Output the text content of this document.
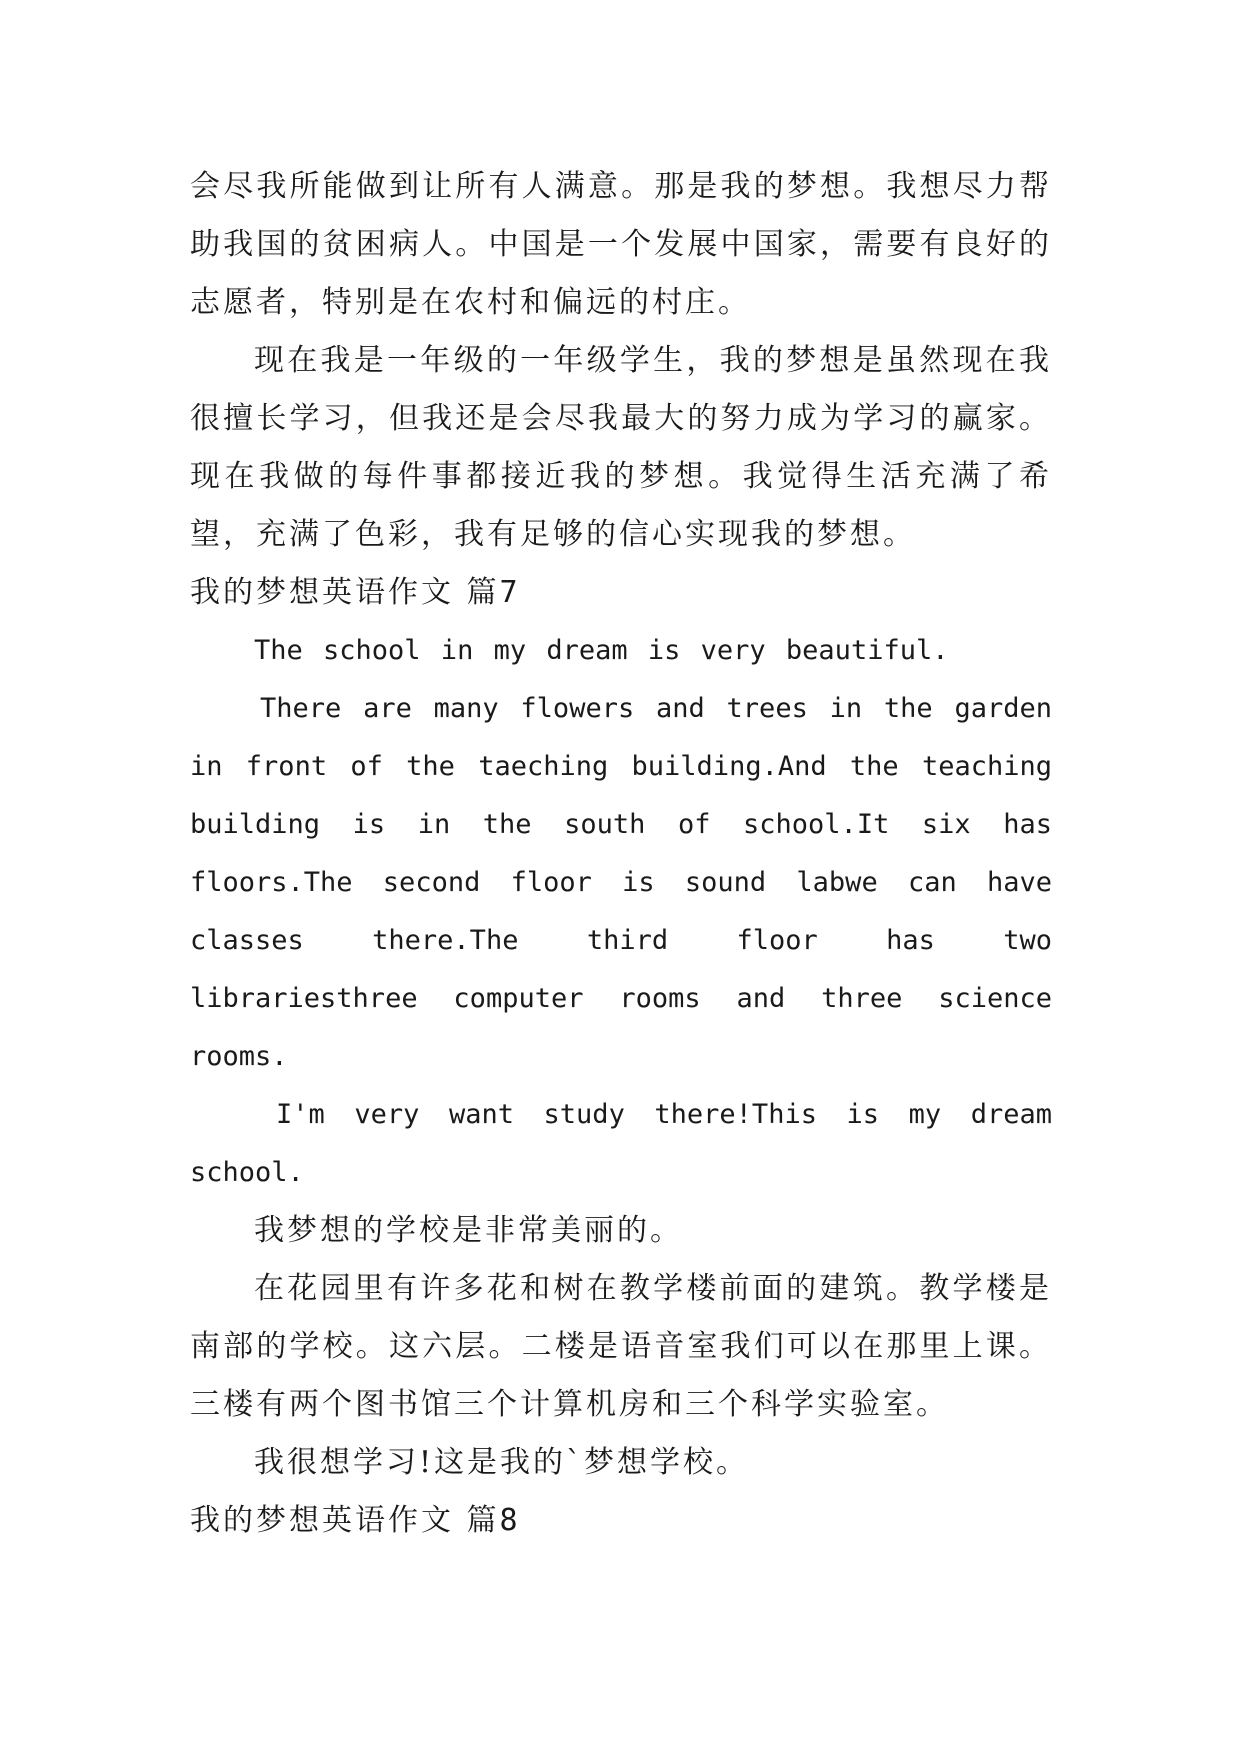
会尽我所能做到让所有人满意。那是我的梦想。我想尽力帮助我国的贫困病人。中国是一个发展中国家，需要有良好的志愿者，特别是在农村和偏远的村庄。

现在我是一年级的一年级学生，我的梦想是虽然现在我很擅长学习，但我还是会尽我最大的努力成为学习的赢家。现在我做的每件事都接近我的梦想。我觉得生活充满了希望，充满了色彩，我有足够的信心实现我的梦想。

我的梦想英语作文 篇7

The school in my dream is very beautiful.

There are many flowers and trees in the garden in front of the taeching building.And the teaching building is in the south of school.It six has floors.The second floor is sound labwe can have classes there.The third floor has two librariesthree computer rooms and three science rooms.

I'm very want study there!This is my dream school.

我梦想的学校是非常美丽的。

在花园里有许多花和树在教学楼前面的建筑。教学楼是南部的学校。这六层。二楼是语音室我们可以在那里上课。三楼有两个图书馆三个计算机房和三个科学实验室。

我很想学习!这是我的`梦想学校。

我的梦想英语作文 篇8
